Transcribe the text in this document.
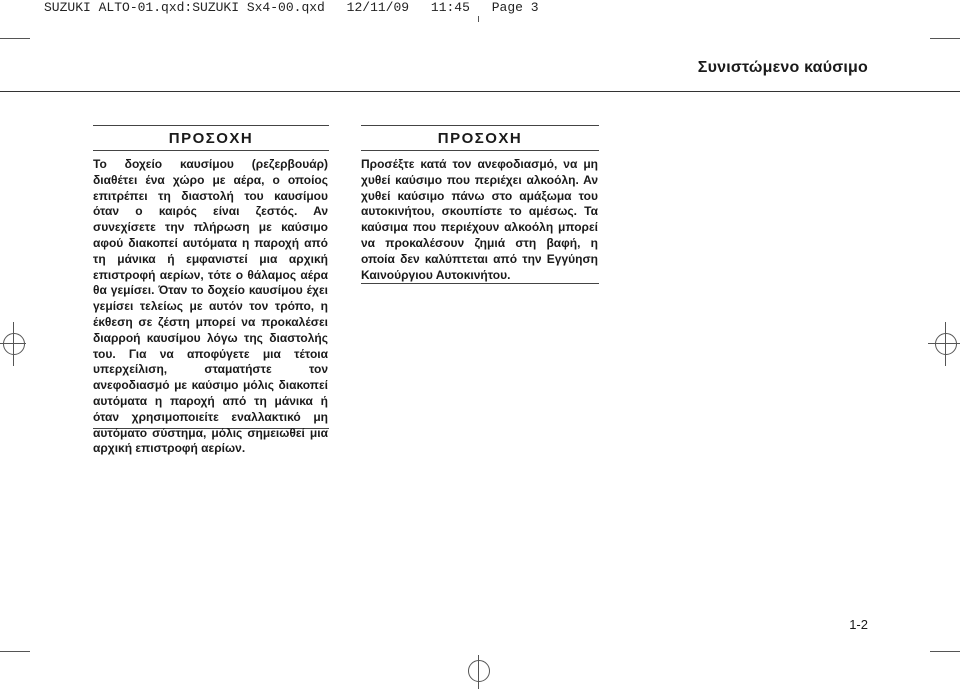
SUZUKI ALTO-01.qxd:SUZUKI Sx4-00.qxd 12/11/09 11:45 Page 3
Συνιστώμενο καύσιμο
ΠΡΟΣΟΧΗ

Το δοχείο καυσίμου (ρεζερβουάρ) διαθέτει ένα χώρο με αέρα, ο οποίος επιτρέπει τη διαστολή του καυσίμου όταν ο καιρός είναι ζεστός. Αν συνεχίσετε την πλήρωση με καύσιμο αφού διακοπεί αυτόματα η παροχή από τη μάνικα ή εμφανιστεί μια αρχική επιστροφή αερίων, τότε ο θάλαμος αέρα θα γεμίσει. Όταν το δοχείο καυσίμου έχει γεμίσει τελείως με αυτόν τον τρόπο, η έκθεση σε ζέστη μπορεί να προκαλέσει διαρροή καυσίμου λόγω της διαστολής του. Για να αποφύγετε μια τέτοια υπερχείλιση, σταματήστε τον ανεφοδιασμό με καύσιμο μόλις διακοπεί αυτόματα η παροχή από τη μάνικα ή όταν χρησιμοποιείτε εναλλακτικό μη αυτόματο σύστημα, μόλις σημειωθεί μια αρχική επιστροφή αερίων.

ΠΡΟΣΟΧΗ

Προσέξτε κατά τον ανεφοδιασμό, να μη χυθεί καύσιμο που περιέχει αλκοόλη. Αν χυθεί καύσιμο πάνω στο αμάξωμα του αυτοκινήτου, σκουπίστε το αμέσως. Τα καύσιμα που περιέχουν αλκοόλη μπορεί να προκαλέσουν ζημιά στη βαφή, η οποία δεν καλύπτεται από την Εγγύηση Καινούργιου Αυτοκινήτου.

1-2
